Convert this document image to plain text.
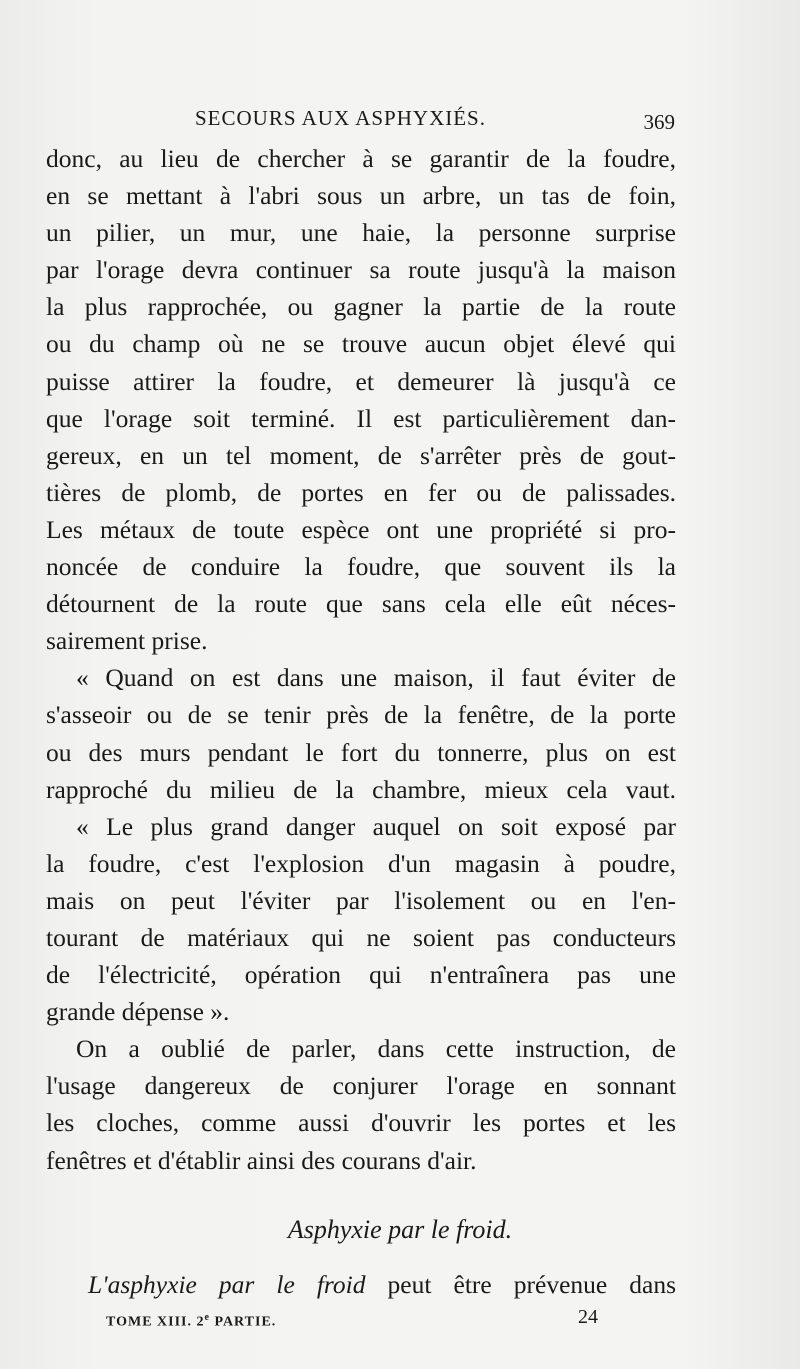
SECOURS AUX ASPHYXIÉS.	369
donc, au lieu de chercher à se garantir de la foudre,
en se mettant à l'abri sous un arbre, un tas de foin,
un pilier, un mur, une haie, la personne surprise
par l'orage devra continuer sa route jusqu'à la maison
la plus rapprochée, ou gagner la partie de la route
ou du champ où ne se trouve aucun objet élevé qui
puisse attirer la foudre, et demeurer là jusqu'à ce
que l'orage soit terminé. Il est particulièrement dan-
gereux, en un tel moment, de s'arrêter près de gout-
tières de plomb, de portes en fer ou de palissades.
Les métaux de toute espèce ont une propriété si pro-
noncée de conduire la foudre, que souvent ils la
détournent de la route que sans cela elle eût néces-
sairement prise.
« Quand on est dans une maison, il faut éviter de
s'asseoir ou de se tenir près de la fenêtre, de la porte
ou des murs pendant le fort du tonnerre, plus on est
rapproché du milieu de la chambre, mieux cela vaut.
« Le plus grand danger auquel on soit exposé par
la foudre, c'est l'explosion d'un magasin à poudre,
mais on peut l'éviter par l'isolement ou en l'en-
tourant de matériaux qui ne soient pas conducteurs
de l'électricité, opération qui n'entraînera pas une
grande dépense ».
On a oublié de parler, dans cette instruction, de
l'usage dangereux de conjurer l'orage en sonnant
les cloches, comme aussi d'ouvrir les portes et les
fenêtres et d'établir ainsi des courans d'air.
Asphyxie par le froid.
L'asphyxie par le froid peut être prévenue dans
TOME XIII. 2e PARTIE.	24
